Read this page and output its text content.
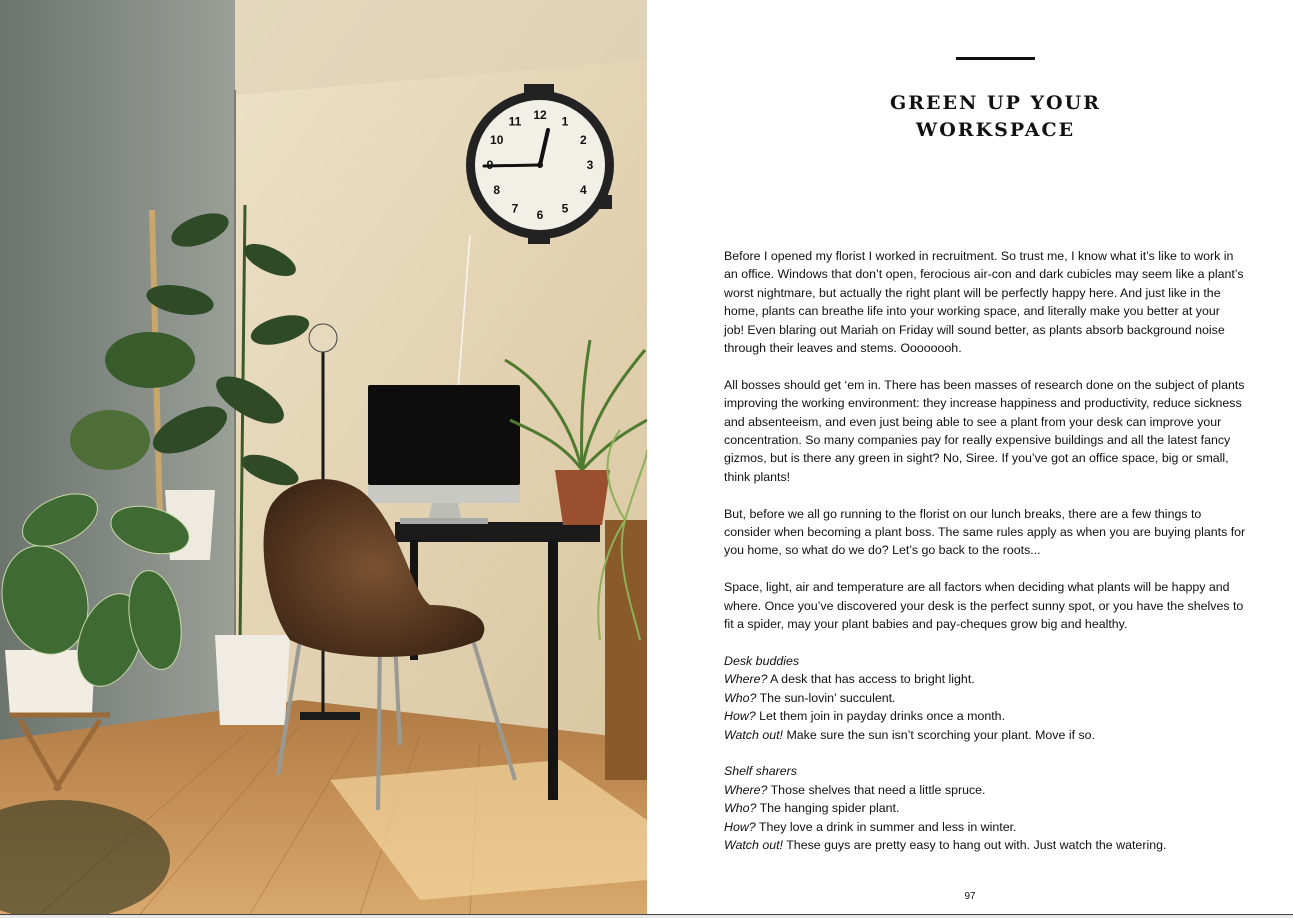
12 1
2
3
4
5
6
7
8
10
11
GREEN UP YOUR
WORKSPACE

Before I opened my florist I worked in recruitment. So trust me, I know what it’s like to work in
an office. Windows that don’t open, ferocious air-con and dark cubicles may seem like a plant’s
worst nightmare, but actually the right plant will be perfectly happy here. And just like in the
home, plants can breathe life into your working space, and literally make you better at your
job! Even blaring out Mariah on Friday will sound better, as plants absorb background noise
through their leaves and stems. Oooooooh.

All bosses should get ‘em in. There has been masses of research done on the subject of plants
improving the working environment: they increase happiness and productivity, reduce sickness
and absenteeism, and even just being able to see a plant from your desk can improve your
concentration. So many companies pay for really expensive buildings and all the latest fancy
gizmos, but is there any green in sight? No, Siree. If you’ve got an office space, big or small,
think plants!

But, before we all go running to the florist on our lunch breaks, there are a few things to
consider when becoming a plant boss. The same rules apply as when you are buying plants for
you home, so what do we do? Let’s go back to the roots...

Space, light, air and temperature are all factors when deciding what plants will be happy and
where. Once you’ve discovered your desk is the perfect sunny spot, or you have the shelves to
fit a spider, may your plant babies and pay-cheques grow big and healthy.

Desk buddies
Where? A desk that has access to bright light.
Who? The sun-lovin’ succulent.
How? Let them join in payday drinks once a month.
Watch out! Make sure the sun isn’t scorching your plant. Move if so.
Shelf sharers
Where? Those shelves that need a little spruce.
Who? The hanging spider plant.
How? They love a drink in summer and less in winter.
Watch out! These guys are pretty easy to hang out with. Just watch the watering.
97
